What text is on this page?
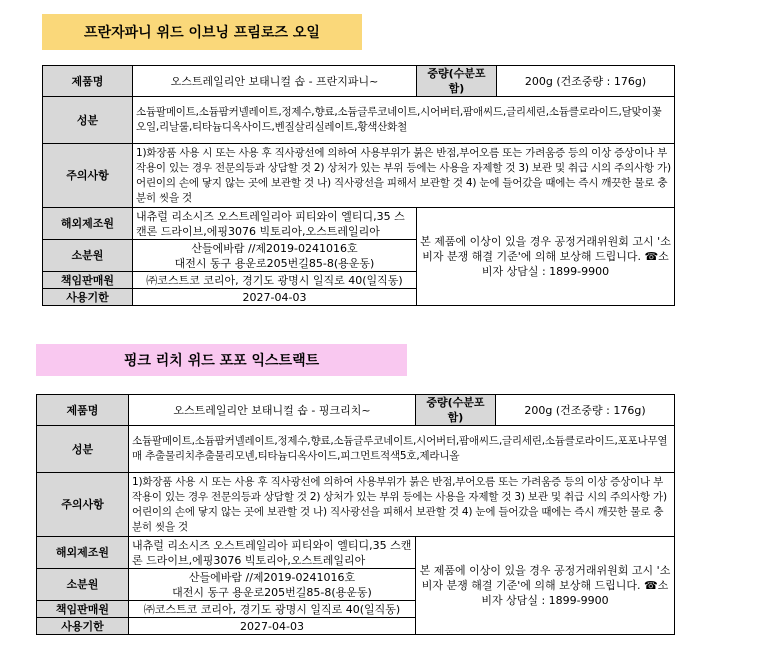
프란자파니 위드 이브닝 프림로즈 오일
제품명	오스트레일리안 보태니컬 솝 - 프란지파니~	중량(수분포함)	200g (건조중량 : 176g)
성분	소듐팔메이트,소듐팜커넬레이트,정제수,향료,소듐글루코네이트,시어버터,팜애씨드,글리세린,소듐클로라이드,달맞이꽃오일,리날룰,티타늄디옥사이드,벤질살리실레이트,황색산화철		
주의사항	1)화장품 사용 시 또는 사용 후 직사광선에 의하여 사용부위가 붉은 반점,부어오름 또는 가려움증 등의 이상 증상이나 부작용이 있는 경우 전문의등과 상담할 것 2) 상처가 있는 부위 등에는 사용을 자제할 것 3) 보관 및 취급 시의 주의사항 가) 어린이의 손에 닿지 않는 곳에 보관할 것 나) 직사광선을 피해서 보관할 것 4) 눈에 들어갔을 때에는 즉시 깨끗한 물로 충분히 씻을 것		
해외제조원	내츄럴 리소시즈 오스트레일리아 피티와이 엘티디,35 스캔론 드라이브,에핑3076 빅토리아,오스트레일리아	본 제품에 이상이 있을 경우 공정거래위원회 고시 '소비자 분쟁 해결 기준'에 의해 보상해 드립니다. ☎소비자 상담실 : 1899-9900	
소분원	산들에바람 //제2019-0241016호
대전시 동구 용운로205번길85-8(용운동)		

책임판매원	㈜코스트코 코리아, 경기도 광명시 일직로 40(일직동)		
사용기한	2027-04-03		
핑크 리치 위드 포포 익스트랙트
제품명	오스트레일리안 보태니컬 솝 - 핑크리치~	중량(수분포함)	200g (건조중량 : 176g)
성분	소듐팔메이트,소듐팜커넬레이트,정제수,향료,소듐글루코네이트,시어버터,팜애씨드,글리세린,소듐클로라이드,포포나무열매 추출물리치추출물리모넨,티타늄디옥사이드,피그먼트적색5호,제라니올		
주의사항	1)화장품 사용 시 또는 사용 후 직사광선에 의하여 사용부위가 붉은 반점,부어오름 또는 가려움증 등의 이상 증상이나 부작용이 있는 경우 전문의등과 상담할 것 2) 상처가 있는 부위 등에는 사용을 자제할 것 3) 보관 및 취급 시의 주의사항 가) 어린이의 손에 닿지 않는 곳에 보관할 것 나) 직사광선을 피해서 보관할 것 4) 눈에 들어갔을 때에는 즉시 깨끗한 물로 충분히 씻을 것		
해외제조원	내츄럴 리소시즈 오스트레일리아 피티와이 엘티디,35 스캔론 드라이브,에핑3076 빅토리아,오스트레일리아	본 제품에 이상이 있을 경우 공정거래위원회 고시 '소비자 분쟁 해결 기준'에 의해 보상해 드립니다. ☎소비자 상담실 : 1899-9900	
소분원	산들에바람 //제2019-0241016호
대전시 동구 용운로205번길85-8(용운동)		

책임판매원	㈜코스트코 코리아, 경기도 광명시 일직로 40(일직동)		
사용기한	2027-04-03		
